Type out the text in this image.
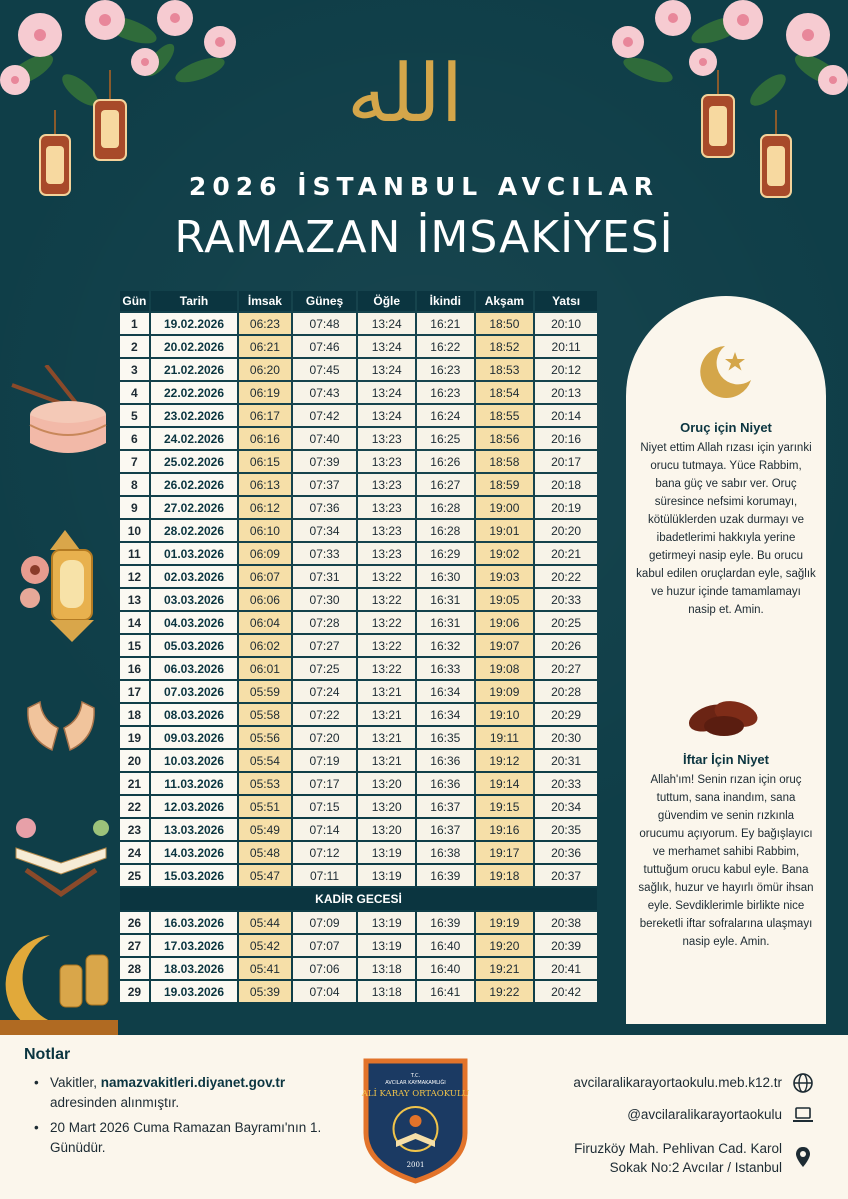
الله
2026 İSTANBUL AVCILAR
RAMAZAN İMSAKİYESİ
Gün	Tarih	İmsak	Güneş	Öğle	İkindi	Akşam	Yatsı
1	19.02.2026	06:23	07:48	13:24	16:21	18:50	20:10
2	20.02.2026	06:21	07:46	13:24	16:22	18:52	20:11
3	21.02.2026	06:20	07:45	13:24	16:23	18:53	20:12
4	22.02.2026	06:19	07:43	13:24	16:23	18:54	20:13
5	23.02.2026	06:17	07:42	13:24	16:24	18:55	20:14
6	24.02.2026	06:16	07:40	13:23	16:25	18:56	20:16
7	25.02.2026	06:15	07:39	13:23	16:26	18:58	20:17
8	26.02.2026	06:13	07:37	13:23	16:27	18:59	20:18
9	27.02.2026	06:12	07:36	13:23	16:28	19:00	20:19
10	28.02.2026	06:10	07:34	13:23	16:28	19:01	20:20
11	01.03.2026	06:09	07:33	13:23	16:29	19:02	20:21
12	02.03.2026	06:07	07:31	13:22	16:30	19:03	20:22
13	03.03.2026	06:06	07:30	13:22	16:31	19:05	20:33
14	04.03.2026	06:04	07:28	13:22	16:31	19:06	20:25
15	05.03.2026	06:02	07:27	13:22	16:32	19:07	20:26
16	06.03.2026	06:01	07:25	13:22	16:33	19:08	20:27
17	07.03.2026	05:59	07:24	13:21	16:34	19:09	20:28
18	08.03.2026	05:58	07:22	13:21	16:34	19:10	20:29
19	09.03.2026	05:56	07:20	13:21	16:35	19:11	20:30
20	10.03.2026	05:54	07:19	13:21	16:36	19:12	20:31
21	11.03.2026	05:53	07:17	13:20	16:36	19:14	20:33
22	12.03.2026	05:51	07:15	13:20	16:37	19:15	20:34
23	13.03.2026	05:49	07:14	13:20	16:37	19:16	20:35
24	14.03.2026	05:48	07:12	13:19	16:38	19:17	20:36
25	15.03.2026	05:47	07:11	13:19	16:39	19:18	20:37
KADİR GECESİ							
26	16.03.2026	05:44	07:09	13:19	16:39	19:19	20:38
27	17.03.2026	05:42	07:07	13:19	16:40	19:20	20:39
28	18.03.2026	05:41	07:06	13:18	16:40	19:21	20:41
29	19.03.2026	05:39	07:04	13:18	16:41	19:22	20:42
Oruç için Niyet
Niyet ettim Allah rızası için yarınki orucu tutmaya. Yüce Rabbim, bana güç ve sabır ver. Oruç süresince nefsimi korumayı, kötülüklerden uzak durmayı ve ibadetlerimi hakkıyla yerine getirmeyi nasip eyle. Bu orucu kabul edilen oruçlardan eyle, sağlık ve huzur içinde tamamlamayı nasip et. Amin.
İftar İçin Niyet
Allah'ım! Senin rızan için oruç tuttum, sana inandım, sana güvendim ve senin rızkınla orucumu açıyorum. Ey bağışlayıcı ve merhamet sahibi Rabbim, tuttuğum orucu kabul eyle. Bana sağlık, huzur ve hayırlı ömür ihsan eyle. Sevdiklerimle birlikte nice bereketli iftar sofralarına ulaşmayı nasip eyle. Amin.
Notlar
• Vakitler, namazvakitleri.diyanet.gov.tr adresinden alınmıştır.
• 20 Mart 2026 Cuma Ramazan Bayramı'nın 1. Günüdür.
T.C.
AVCILAR KAYMAKAMLIĞI
ALİ KARAY ORTAOKULU
2001
avcilaralikarayortaokulu.meb.k12.tr
@avcilaralikarayortaokulu
Firuzköy Mah. Pehlivan Cad. Karol
Sokak No:2 Avcılar / Istanbul
